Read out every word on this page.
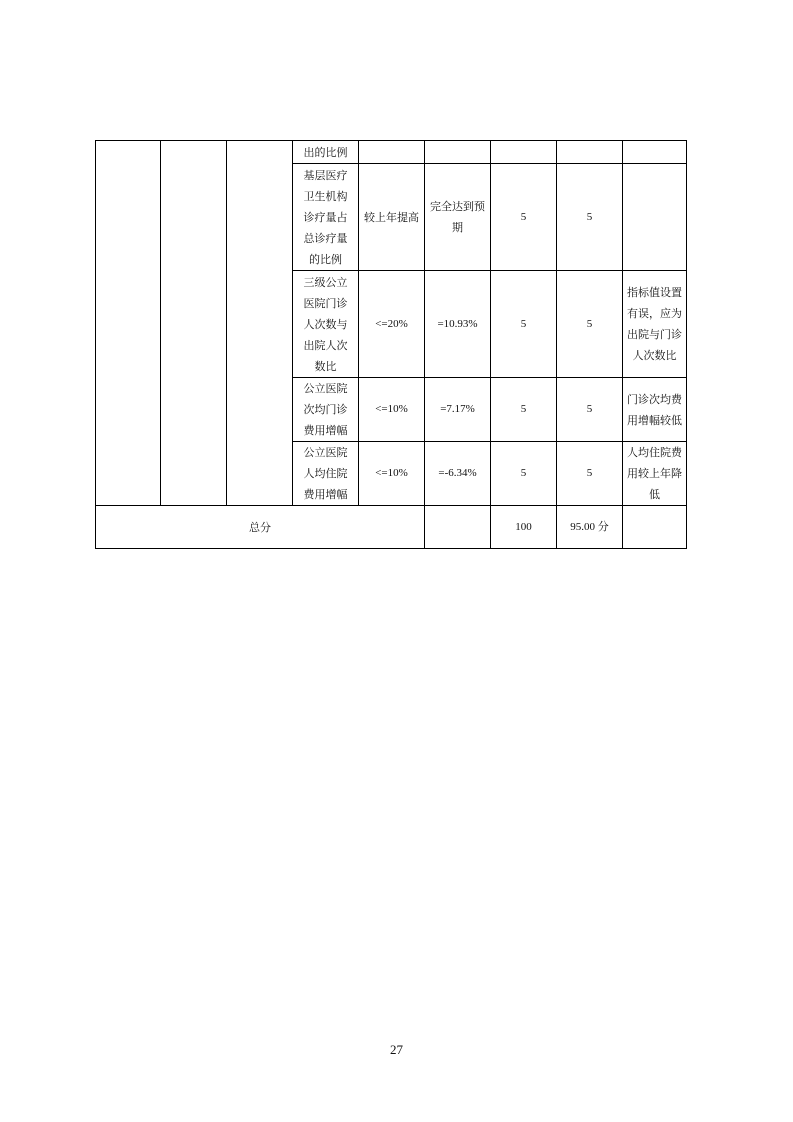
			出的比例					
			基层医疗卫生机构诊疗量占总诊疗量的比例	较上年提高	完全达到预期	5	5	
			三级公立医院门诊人次数与出院人次数比	<=20%	=10.93%	5	5	指标值设置有误，应为出院与门诊人次数比
			公立医院次均门诊费用增幅	<=10%	=7.17%	5	5	门诊次均费用增幅较低
			公立医院人均住院费用增幅	<=10%	=-6.34%	5	5	人均住院费用较上年降低
总分						100	95.00 分	
27
